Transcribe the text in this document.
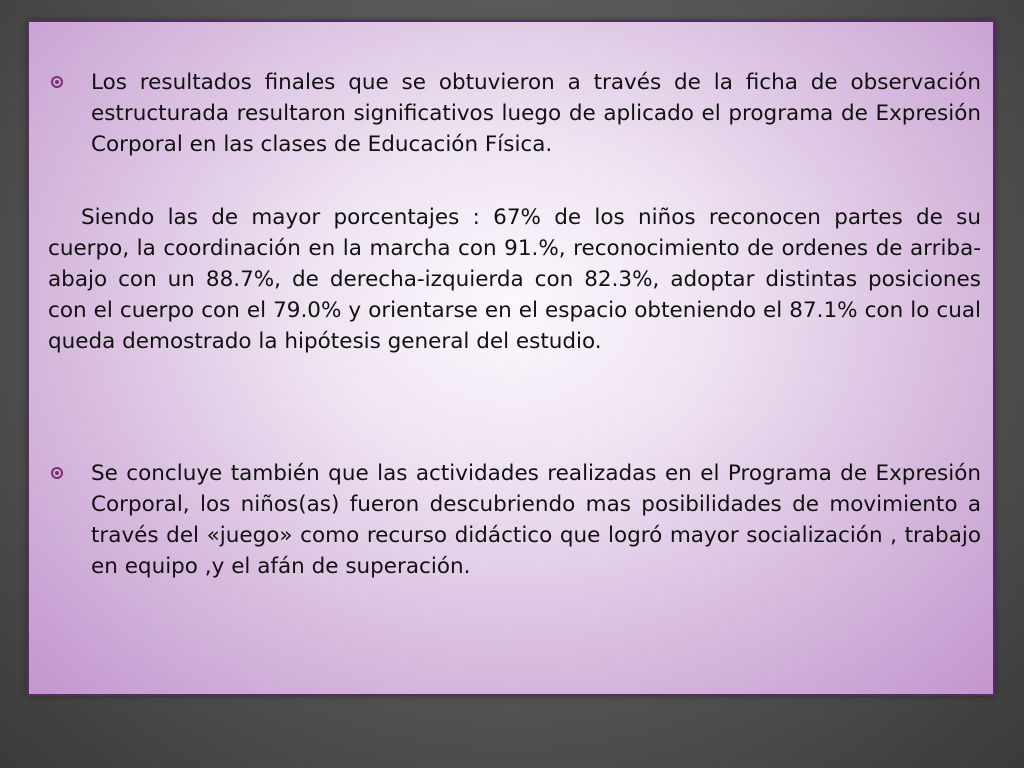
Los resultados finales que se obtuvieron a través de la ficha de observación estructurada resultaron significativos luego de aplicado el programa de Expresión Corporal en las clases de Educación Física.
Siendo las de mayor porcentajes : 67% de los niños reconocen partes de su cuerpo, la coordinación en la marcha con 91.%, reconocimiento de ordenes de arriba-abajo con un 88.7%, de derecha-izquierda con 82.3%, adoptar distintas posiciones con el cuerpo con el 79.0% y orientarse en el espacio obteniendo el 87.1% con lo cual queda demostrado la hipótesis general del estudio.
Se concluye también que las actividades realizadas en el Programa de Expresión Corporal, los niños(as) fueron descubriendo mas posibilidades de movimiento a través del «juego» como recurso didáctico que logró mayor socialización , trabajo en equipo ,y el afán de superación.
